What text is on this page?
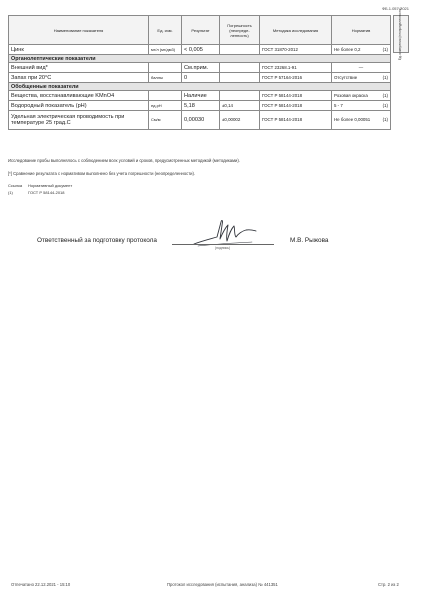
ФБ.1.057-2021
Наименование показателя	Ед. изм.	Результат	Погрешность (неопреде-ленность)	Методика исследования	Норматив
Цинк	мг/л (мг/дм3)	< 0,005		ГОСТ 31870-2012	Не более 0,2 (1)

Органолептические показатели					
Внешний вид*		См.прим.		ГОСТ 23268.1-91	—
Запах при 20°С	баллы	0		ГОСТ Р 57164-2016	Отсутствие (1)

Обобщенные показатели					
Вещества, восстанавливающие KMnO4		Наличие		ГОСТ Р 58144-2018	Розовая окраска (1)

Водородный показатель (pH)	ед.pH	5,18	±0,14	ГОСТ Р 58144-2018	5 - 7 (1)

Удельная электрическая проводимость при температуре 25 град.С	См/м	0,00030	±0,00002	ГОСТ Р 58144-2018	Не более 0,00051 (1)
Ед. измерения (неопределенности)
Исследование пробы выполнялось с соблюдением всех условий и сроков, предусмотренных методикой (методиками).
[*] Сравнение результата с нормативом выполнено без учета погрешности (неопределенности).
Ссылка Нормативный документ
(1)	ГОСТ Р 58144-2018
Ответственный за подготовку протокола
(подпись)
М.В. Рыжова
Отпечатано 22.12.2021 - 15:10	Протокол исследования (испытания, анализа) № 441351	Стр. 2 из 2
